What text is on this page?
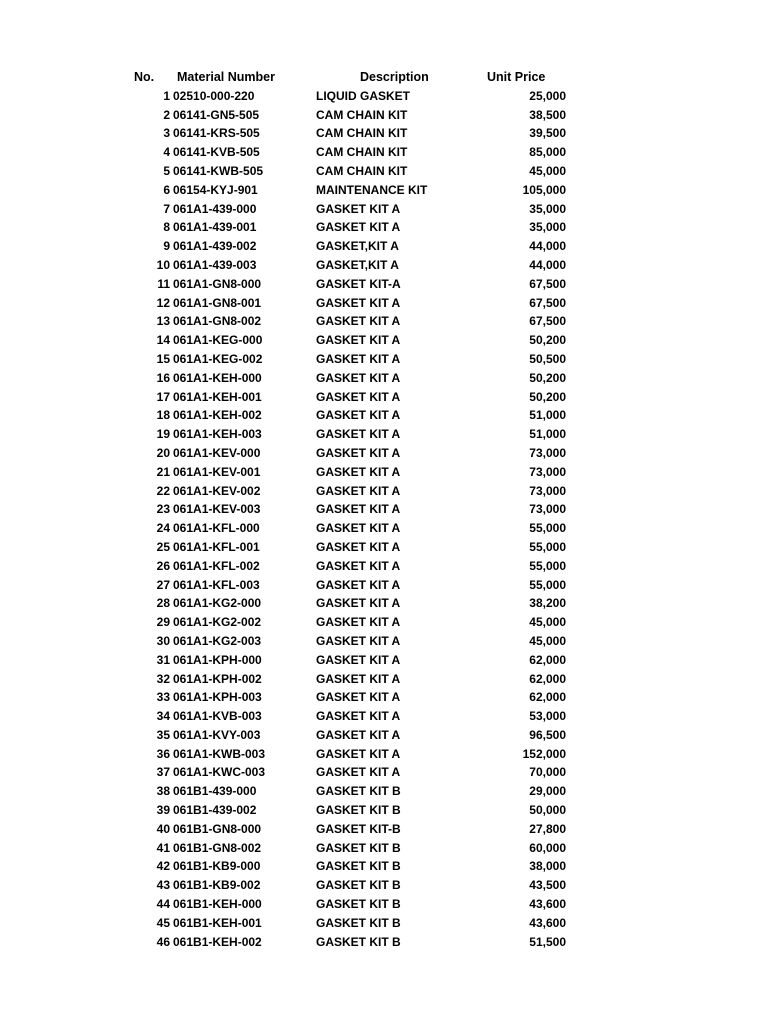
No. Material Number	Description	Unit Price
1 02510-000-220	LIQUID GASKET	25,000
2 06141-GN5-505	CAM CHAIN KIT	38,500
3 06141-KRS-505	CAM CHAIN KIT	39,500
4 06141-KVB-505	CAM CHAIN KIT	85,000
5 06141-KWB-505	CAM CHAIN KIT	45,000
6 06154-KYJ-901	MAINTENANCE KIT	105,000
7 061A1-439-000	GASKET KIT A	35,000
8 061A1-439-001	GASKET KIT A	35,000
9 061A1-439-002	GASKET,KIT A	44,000
10 061A1-439-003	GASKET,KIT A	44,000
11 061A1-GN8-000	GASKET KIT-A	67,500
12 061A1-GN8-001	GASKET KIT A	67,500
13 061A1-GN8-002	GASKET KIT A	67,500
14 061A1-KEG-000	GASKET KIT A	50,200
15 061A1-KEG-002	GASKET KIT A	50,500
16 061A1-KEH-000	GASKET KIT A	50,200
17 061A1-KEH-001	GASKET KIT A	50,200
18 061A1-KEH-002	GASKET KIT A	51,000
19 061A1-KEH-003	GASKET KIT A	51,000
20 061A1-KEV-000	GASKET KIT A	73,000
21 061A1-KEV-001	GASKET KIT A	73,000
22 061A1-KEV-002	GASKET KIT A	73,000
23 061A1-KEV-003	GASKET KIT A	73,000
24 061A1-KFL-000	GASKET KIT A	55,000
25 061A1-KFL-001	GASKET KIT A	55,000
26 061A1-KFL-002	GASKET KIT A	55,000
27 061A1-KFL-003	GASKET KIT A	55,000
28 061A1-KG2-000	GASKET KIT A	38,200
29 061A1-KG2-002	GASKET KIT A	45,000
30 061A1-KG2-003	GASKET KIT A	45,000
31 061A1-KPH-000	GASKET KIT A	62,000
32 061A1-KPH-002	GASKET KIT A	62,000
33 061A1-KPH-003	GASKET KIT A	62,000
34 061A1-KVB-003	GASKET KIT A	53,000
35 061A1-KVY-003	GASKET KIT A	96,500
36 061A1-KWB-003	GASKET KIT A	152,000
37 061A1-KWC-003	GASKET KIT A	70,000
38 061B1-439-000	GASKET KIT B	29,000
39 061B1-439-002	GASKET KIT B	50,000
40 061B1-GN8-000	GASKET KIT-B	27,800
41 061B1-GN8-002	GASKET KIT B	60,000
42 061B1-KB9-000	GASKET KIT B	38,000
43 061B1-KB9-002	GASKET KIT B	43,500
44 061B1-KEH-000	GASKET KIT B	43,600
45 061B1-KEH-001	GASKET KIT B	43,600
46 061B1-KEH-002	GASKET KIT B	51,500
